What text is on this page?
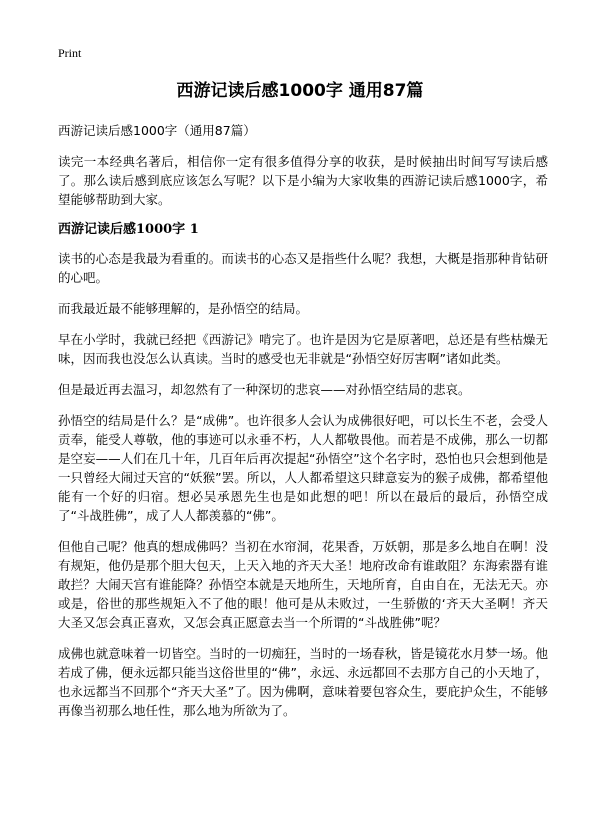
Print
西游记读后感1000字 通用87篇

西游记读后感1000字（通用87篇）

读完一本经典名著后，相信你一定有很多值得分享的收获，是时候抽出时间写写读后感了。那么读后感到底应该怎么写呢？以下是小编为大家收集的西游记读后感1000字，希望能够帮助到大家。

西游记读后感1000字 1

读书的心态是我最为看重的。而读书的心态又是指些什么呢？我想，大概是指那种肯钻研的心吧。

而我最近最不能够理解的，是孙悟空的结局。

早在小学时，我就已经把《西游记》啃完了。也许是因为它是原著吧，总还是有些枯燥无味，因而我也没怎么认真读。当时的感受也无非就是“孙悟空好厉害啊”诸如此类。

但是最近再去温习，却忽然有了一种深切的悲哀——对孙悟空结局的悲哀。

孙悟空的结局是什么？是“成佛”。也许很多人会认为成佛很好吧，可以长生不老，会受人贡奉，能受人尊敬，他的事迹可以永垂不朽，人人都敬畏他。而若是不成佛，那么一切都是空妄——人们在几十年，几百年后再次提起“孙悟空”这个名字时，恐怕也只会想到他是一只曾经大闹过天宫的“妖猴”罢。所以，人人都希望这只肆意妄为的猴子成佛，都希望他能有一个好的归宿。想必吴承恩先生也是如此想的吧！所以在最后的最后，孙悟空成了“斗战胜佛”，成了人人都羡慕的“佛”。

但他自己呢？他真的想成佛吗？当初在水帘洞，花果香，万妖朝，那是多么地自在啊！没有规矩，他仍是那个胆大包天，上天入地的齐天大圣！地府改命有谁敢阻？东海索器有谁敢拦？大闹天宫有谁能降？孙悟空本就是天地所生，天地所育，自由自在，无法无天。亦或是，俗世的那些规矩入不了他的眼！他可是从未败过，一生骄傲的‘齐天大圣啊！齐天大圣又怎会真正喜欢，又怎会真正愿意去当一个所谓的“斗战胜佛”呢？

成佛也就意味着一切皆空。当时的一切痴狂，当时的一场春秋，皆是镜花水月梦一场。他若成了佛，便永远都只能当这俗世里的“佛”，永远、永远都回不去那方自己的小天地了，也永远都当不回那个“齐天大圣”了。因为佛啊，意味着要包容众生，要庇护众生，不能够再像当初那么地任性，那么地为所欲为了。
